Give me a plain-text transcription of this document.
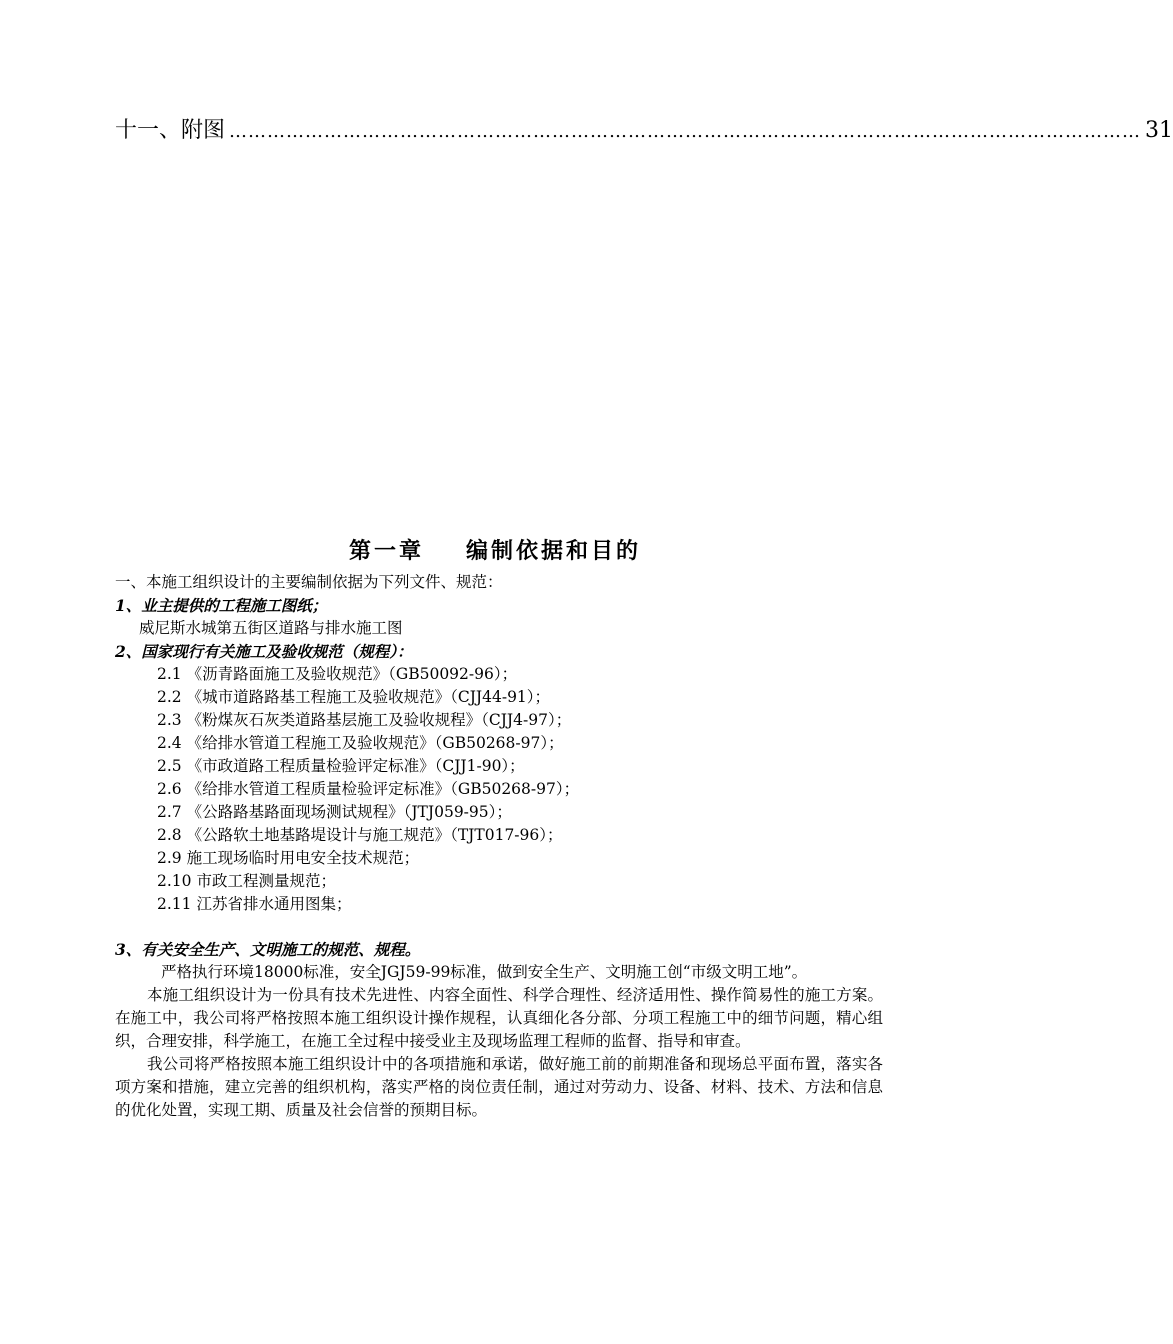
十一、附图 ……………………………………………………………………………………………………………………………… 31
第一章 编制依据和目的

一、本施工组织设计的主要编制依据为下列文件、规范：

1、业主提供的工程施工图纸；

威尼斯水城第五街区道路与排水施工图

2、国家现行有关施工及验收规范（规程）：

2.1 《沥青路面施工及验收规范》（GB50092-96）；
2.2 《城市道路路基工程施工及验收规范》（CJJ44-91）；
2.3 《粉煤灰石灰类道路基层施工及验收规程》（CJJ4-97）；
2.4 《给排水管道工程施工及验收规范》（GB50268-97）；
2.5 《市政道路工程质量检验评定标准》（CJJ1-90）；
2.6 《给排水管道工程质量检验评定标准》（GB50268-97）；
2.7 《公路路基路面现场测试规程》（JTJ059-95）；
2.8 《公路软土地基路堤设计与施工规范》（TJT017-96）；
2.9 施工现场临时用电安全技术规范；
2.10 市政工程测量规范；
2.11 江苏省排水通用图集；

3、有关安全生产、文明施工的规范、规程。

严格执行环境18000标准，安全JGJ59-99标准，做到安全生产、文明施工创“市级文明工地”。

本施工组织设计为一份具有技术先进性、内容全面性、科学合理性、经济适用性、操作简易性的施工方案。在施工中，我公司将严格按照本施工组织设计操作规程，认真细化各分部、分项工程施工中的细节问题，精心组织，合理安排，科学施工，在施工全过程中接受业主及现场监理工程师的监督、指导和审查。

我公司将严格按照本施工组织设计中的各项措施和承诺，做好施工前的前期准备和现场总平面布置，落实各项方案和措施，建立完善的组织机构，落实严格的岗位责任制，通过对劳动力、设备、材料、技术、方法和信息的优化处置，实现工期、质量及社会信誉的预期目标。
